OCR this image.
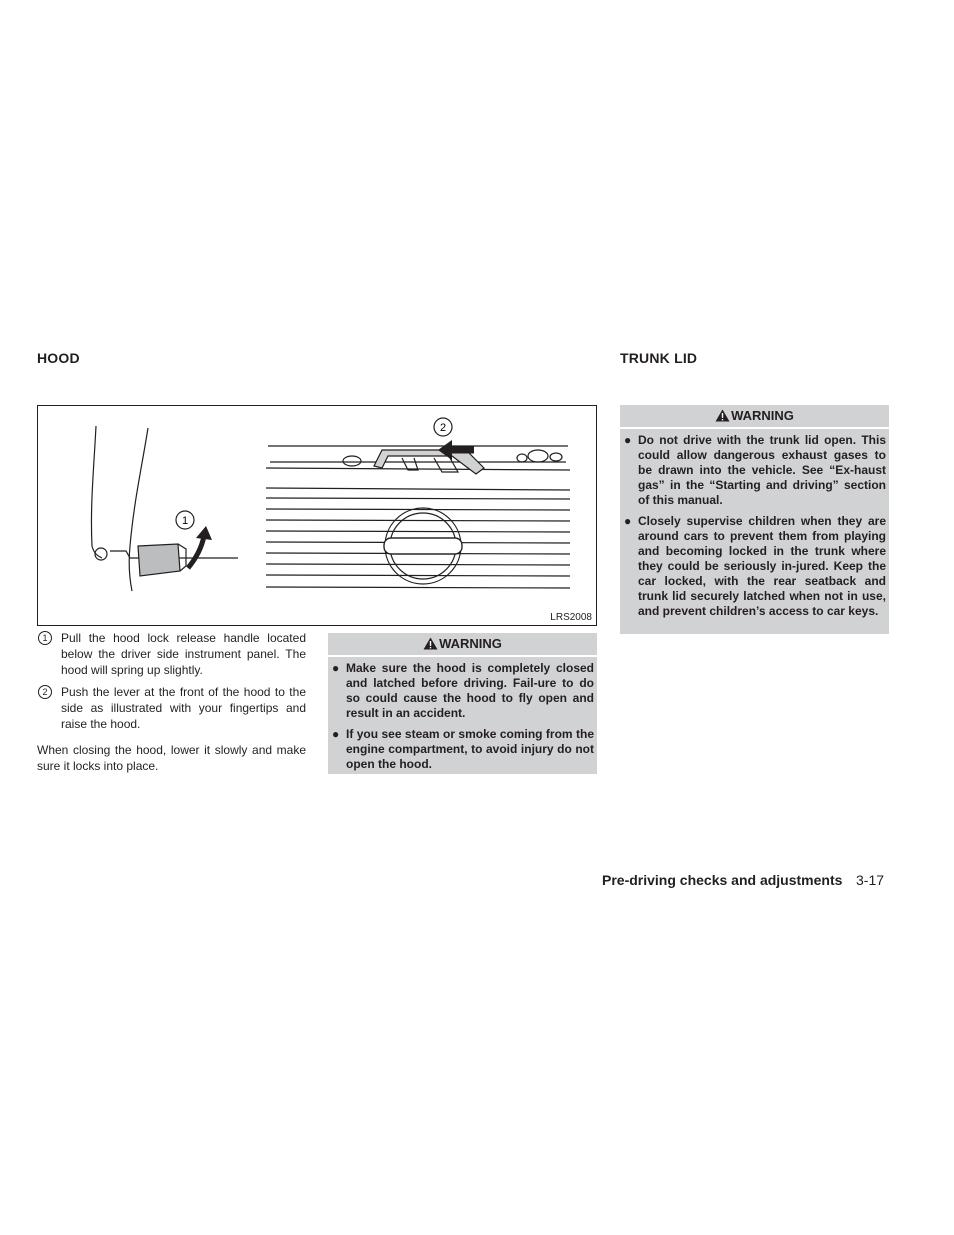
HOOD
1
2
LRS2008
1	Pull the hood lock release handle located below the driver side instrument panel. The hood will spring up slightly.
2	Push the lever at the front of the hood to the side as illustrated with your fingertips and raise the hood.
When closing the hood, lower it slowly and make sure it locks into place.
WARNING
● Make sure the hood is completely closed and latched before driving. Fail-ure to do so could cause the hood to fly open and result in an accident.
● If you see steam or smoke coming from the engine compartment, to avoid injury do not open the hood.
TRUNK LID
WARNING
● Do not drive with the trunk lid open. This could allow dangerous exhaust gases to be drawn into the vehicle. See “Ex-haust gas” in the “Starting and driving” section of this manual.
● Closely supervise children when they are around cars to prevent them from playing and becoming locked in the trunk where they could be seriously in-jured. Keep the car locked, with the rear seatback and trunk lid securely latched when not in use, and prevent children’s access to car keys.
Pre-driving checks and adjustments 3-17
